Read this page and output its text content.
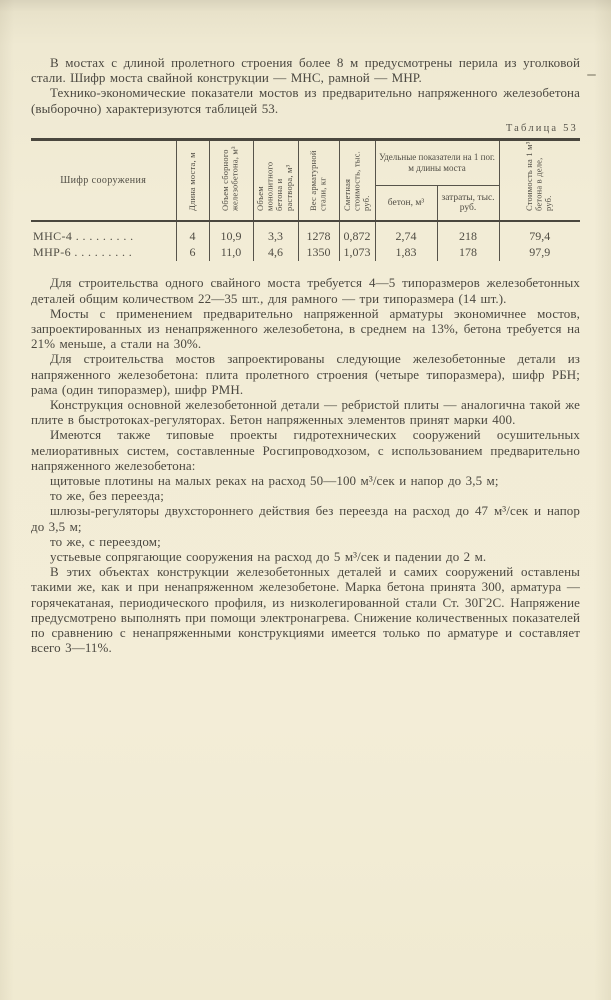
В мостах с длиной пролетного строения более 8 м предусмотрены перила из уголковой стали. Шифр моста свайной конструкции — МНС, рамной — МНР.

Технико-экономические показатели мостов из предварительно напряженного железобетона (выборочно) характеризуются таблицей 53.

Таблица 53
Шифр сооружения	Длина моста, м	Объем сборного железобетона, м³	Объем монолитного бетона и раствора, м³	Вес арматурной стали, кг	Сметная стоимость, тыс. руб.	Удельные показатели на 1 пог. м длины моста		Стоимость на 1 м³ бетона в деле, руб.
						бетон, м³	затраты, тыс. руб.	
МНС-4 . . . . . . . . .	4	10,9	3,3	1278	0,872	2,74	218	79,4
МНР-6 . . . . . . . . .	6	11,0	4,6	1350	1,073	1,83	178	97,9

Для строительства одного свайного моста требуется 4—5 типоразмеров железобетонных деталей общим количеством 22—35 шт., для рамного — три типоразмера (14 шт.).

Мосты с применением предварительно напряженной арматуры экономичнее мостов, запроектированных из ненапряженного железобетона, в среднем на 13%, бетона требуется на 21% меньше, а стали на 30%.

Для строительства мостов запроектированы следующие железобетонные детали из напряженного железобетона: плита пролетного строения (четыре типоразмера), шифр РБН; рама (один типоразмер), шифр РМН.

Конструкция основной железобетонной детали — ребристой плиты — аналогична такой же плите в быстротоках-регуляторах. Бетон напряженных элементов принят марки 400.

Имеются также типовые проекты гидротехнических сооружений осушительных мелиоративных систем, составленные Росгипроводхозом, с использованием предварительно напряженного железобетона:

щитовые плотины на малых реках на расход 50—100 м³/сек и напор до 3,5 м;

то же, без переезда;

шлюзы-регуляторы двухстороннего действия без переезда на расход до 47 м³/сек и напор до 3,5 м;

то же, с переездом;

устьевые сопрягающие сооружения на расход до 5 м³/сек и падении до 2 м.

В этих объектах конструкции железобетонных деталей и самих сооружений оставлены такими же, как и при ненапряженном железобетоне. Марка бетона принята 300, арматура — горячекатаная, периодического профиля, из низколегированной стали Ст. 30Г2С. Напряжение предусмотрено выполнять при помощи электронагрева. Снижение количественных показателей по сравнению с ненапряженными конструкциями имеется только по арматуре и составляет всего 3—11%.
